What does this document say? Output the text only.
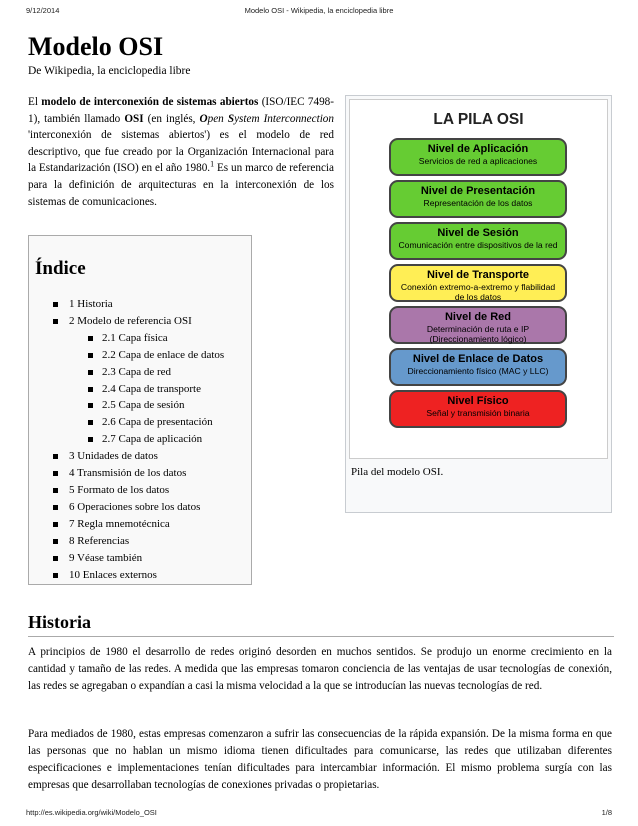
9/12/2014	Modelo OSI - Wikipedia, la enciclopedia libre
Modelo OSI
De Wikipedia, la enciclopedia libre

El modelo de interconexión de sistemas abiertos (ISO/IEC 7498-1), también llamado OSI (en inglés, Open System Interconnection 'interconexión de sistemas abiertos') es el modelo de red descriptivo, que fue creado por la Organización Internacional para la Estandarización (ISO) en el año 1980.$^1$ Es un marco de referencia para la definición de arquitecturas en la interconexión de los sistemas de comunicaciones.

LA PILA OSI
Nivel de Aplicación
Servicios de red a aplicaciones
Nivel de Presentación
Representación de los datos
Nivel de Sesión
Comunicación entre dispositivos de la red
Nivel de Transporte
Conexión extremo-a-extremo y flabilidad de los datos
Nivel de Red
Determinación de ruta e IP (Direccionamiento lógico)
Nivel de Enlace de Datos
Direccionamiento físico (MAC y LLC)
Nivel Físico
Señal y transmisión binaria
Pila del modelo OSI.
Índice
1 Historia
2 Modelo de referencia OSI
2.1 Capa física
2.2 Capa de enlace de datos
2.3 Capa de red
2.4 Capa de transporte
2.5 Capa de sesión
2.6 Capa de presentación
2.7 Capa de aplicación
3 Unidades de datos
4 Transmisión de los datos
5 Formato de los datos
6 Operaciones sobre los datos
7 Regla mnemotécnica
8 Referencias
9 Véase también
10 Enlaces externos
Historia

A principios de 1980 el desarrollo de redes originó desorden en muchos sentidos. Se produjo un enorme crecimiento en la cantidad y tamaño de las redes. A medida que las empresas tomaron conciencia de las ventajas de usar tecnologías de conexión, las redes se agregaban o expandían a casi la misma velocidad a la que se introducían las nuevas tecnologías de red.

Para mediados de 1980, estas empresas comenzaron a sufrir las consecuencias de la rápida expansión. De la misma forma en que las personas que no hablan un mismo idioma tienen dificultades para comunicarse, las redes que utilizaban diferentes especificaciones e implementaciones tenían dificultades para intercambiar información. El mismo problema surgía con las empresas que desarrollaban tecnologías de conexiones privadas o propietarias.

http://es.wikipedia.org/wiki/Modelo_OSI	1/8
